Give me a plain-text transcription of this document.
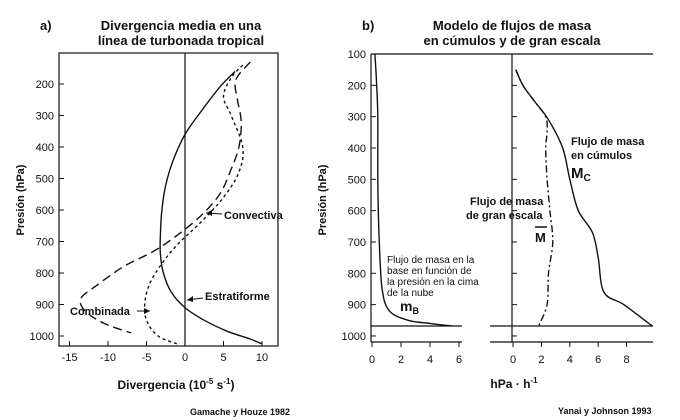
a)	Divergencia media en una
línea de turbonada tropical
200
300
400
500
600
700
800
900
1000
-15 -10 -5	0	5	10
Presión (hPa)
Divergencia ($10^{-5}$ $s^{-1}$)
Convectiva
Estratiforme
Combinada
Gamache y Houze 1982
b)	Modelo de flujos de masa
en cúmulos y de gran escala
100
200
300
400
500
600
700
800
900
1000
0 2 4 6	0 2 4 6 8
Presión (hPa)
hPa · $h^{-1}$
Flujo de masa
en cúmulos
$M_C$
Flujo de masa
de gran escala
M
Flujo de masa en la
base en función de
la presión en la cima
de la nube
$m_B$
Yanai y Johnson 1993
